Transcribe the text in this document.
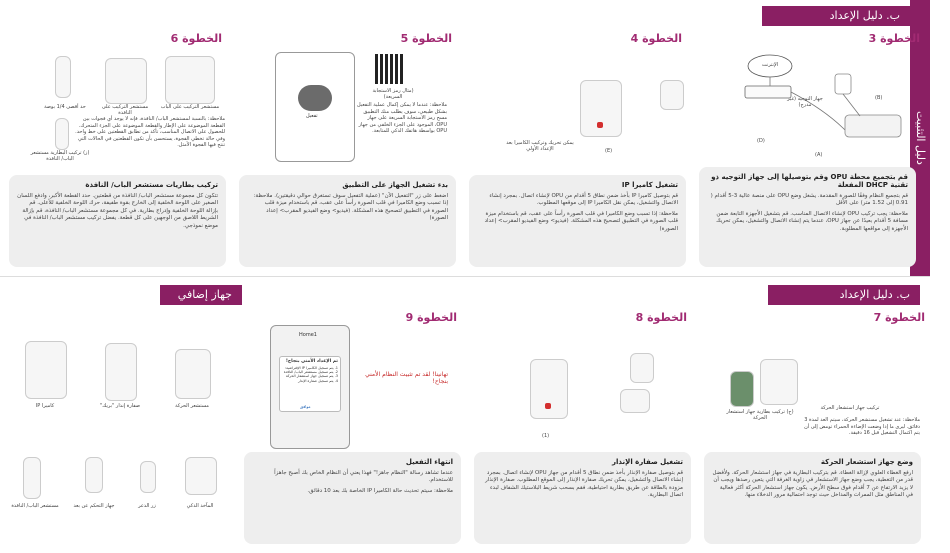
ب. دليل الإعداد
دليل التثبيت
الخطوة 3
الإنترنت
جهاز التوجيه (غير مدرج)
(B)
(D)
(A)
قم بتجميع محطة OPU وقم بتوصيلها إلى جهاز التوجيه ذو تقنية DHCP المفعلة

قم بتجميع النظام وفقًا للصورة المقدمة. يشغل وضع OPU على منصة عالية 3-5 أقدام ( 0.91 إلى 1.52 متر) على الأقل

ملاحظة: يجب تركيب OPU لإنشاء الاتصال المناسب. قم بتشغيل الأجهزة التابعة ضمن مسافة 5 أقدام بعيدًا عن جهاز OPU، عندما يتم إنشاء الاتصال والتشغيل، يمكن تحريك الأجهزة إلى مواقعها المطلوبة.

الخطوة 4
يمكن تحريك وتركيب الكاميرا بعد الإعداد الأولي	(E)
تشغيل كاميرا IP

قم بتوصيل كاميرا IP بأخذ ضمن نطاق 5 أقدام من OPU لإنشاء اتصال. بمجرد إنشاء الاتصال والتشغيل، يمكن نقل الكاميرا IP إلى موقعها المطلوب.

ملاحظة: إذا تسبب وضع الكاميرا في قلب الصورة رأساً على عقب، قم باستخدام ميزة قلب الصورة في التطبيق لتصحيح هذه المشكلة. (فيديو> وضع الفيديو المقرب> إعداد الصورة)

الخطوة 5
تفعيل
(مثال رمز الاستجابة السريعة)
ملاحظة: عندما لا يمكن إكمال عملية التفعيل بشكل طبيعي، سوف يطلب منك التطبيق مسح رمز الاستجابة السريعة على جهاز OPU، الموجود على الجزء الخلفي من جهاز OPU بواسطة هاتفك الذكي للمتابعة.
بدء تشغيل الجهاز على التطبيق

اضغط على زر "التفعيل الآن" (عملية التفعيل سوف تستغرق حوالي دقيقتين). ملاحظة: إذا تسبب وضع الكاميرا في قلب الصورة رأساً على عقب، قم باستخدام ميزة قلب الصورة في التطبيق لتصحيح هذه المشكلة. (فيديو> وضع الفيديو المقرب> إعداد الصورة)

الخطوة 6
مستشعر التركيب على الباب
مستشعر التركيب على النافذة
حد أقصى 1/4 بوصة
ملاحظة: بالنسبة لمستشعر الباب/ النافذة، فإنه لا يوجد أي فجوات بين القطعة الموضوعة على الإطار والقطعة الموضوعة على الجزء المتحرك. للحصول على الاتصال المناسب، تأكد من تطابق القطعتين على خط واحد. وفي حالة تخطي الفجوة، يستحسن بأن تكون القطعتين في الحالات التي تنتج فيها الفجوة الأمثل.
(ز) تركيب البطارية مستشعر الباب/ النافذة
تركيب بطاريات مستشعر الباب/ النافذة

تتكون كل مجموعة مستشعر الباب/ النافذة من قطعتين. حدد القطعة الأكبر، وادفع اللسان الصغير على اللوحة الخلفية إلى الخارج بقوة طفيفة، حرك اللوحة الخلفية للأعلى. قم بإزالة اللوحة الخلفية وإدراج بطارية. في كل مجموعة مستشعر الباب/ النافذة، قم بإزالة الشريط اللاصق من الوجهين على كل قطعة. يفضل تركيب مستشعر الباب/ النافذة في موضع نموذجي.

ب. دليل الإعداد
جهاز إضافي
الخطوة 7
تركيب جهاز استشعار الحركة
(ح) تركيب بطارية جهاز استشعار الحركة	ملاحظة: عند تشغيل مستشعر الحركة، سيتم العد لمدة 3 دقائق. ليرى ما إذا وضعت الإضاءة الحمراء تومض إلى أن يتم اكتمال التشغيل قبل 16 دقيقة.
وضع جهاز استشعار الحركة

ارفع الغطاء العلوي لإزالة الغطاء. قم بتركيب البطارية في جهاز استشعار الحركة. ولأفضل قدر من التغطية، يجب وضع جهاز الاستشعار في زاوية الغرفة التي يتعين رصدها ويجب أن لا يزيد الارتفاع عن 7 أقدام فوق سطح الأرض. يكون جهاز استشعار الحركة أكثر فعالية في المناطق مثل الممرات والمداخل حيث توجد احتمالية مرور الدخلاء منها.

الخطوة 8
(1)
تشغيل صفارة الإنذار

قم بتوصيل صفارة الإنذار بأخذ ضمن نطاق 5 أقدام من جهاز OPU لإنشاء اتصال. بمجرد إنشاء الاتصال والتشغيل، يمكن تحريك صفارة الإنذار إلى الموقع المطلوب. صفارة الإنذار مزودة بالطاقة عن طريق بطارية احتياطية، فقم بسحب شريط البلاستيك الشفاف لبدء اتصال البطارية.

الخطوة 9
Home1
تم الإعداد الأمني بنجاح!
1. يتم تسجيل الكاميرا IP الإفتراضية: 2. يتم تسجيل مستشعر الباب/ النافذة 3. يتم تسجيل جهاز استشعار الحركة 4. يتم تسجيل صفارة الإنذار
موافق
تهانينا! لقد تم تثبيت النظام الأمني بنجاح!
انتهاء التفعيل

عندما تشاهد رسالة "النظام جاهز!" فهذا يعني أن النظام الخاص بك أصبح جاهزاً للاستخدام.

ملاحظة: سيتم تحديث حالة الكاميرا IP الخاصة بك بعد 10 دقائق.

كاميرا IP	صفارة إنذار "بريك"	مستشعر الحركة
مستشعر الباب/ النافذة	جهاز التحكم عن بعد	زر الذعر	المآخذ الذكي
